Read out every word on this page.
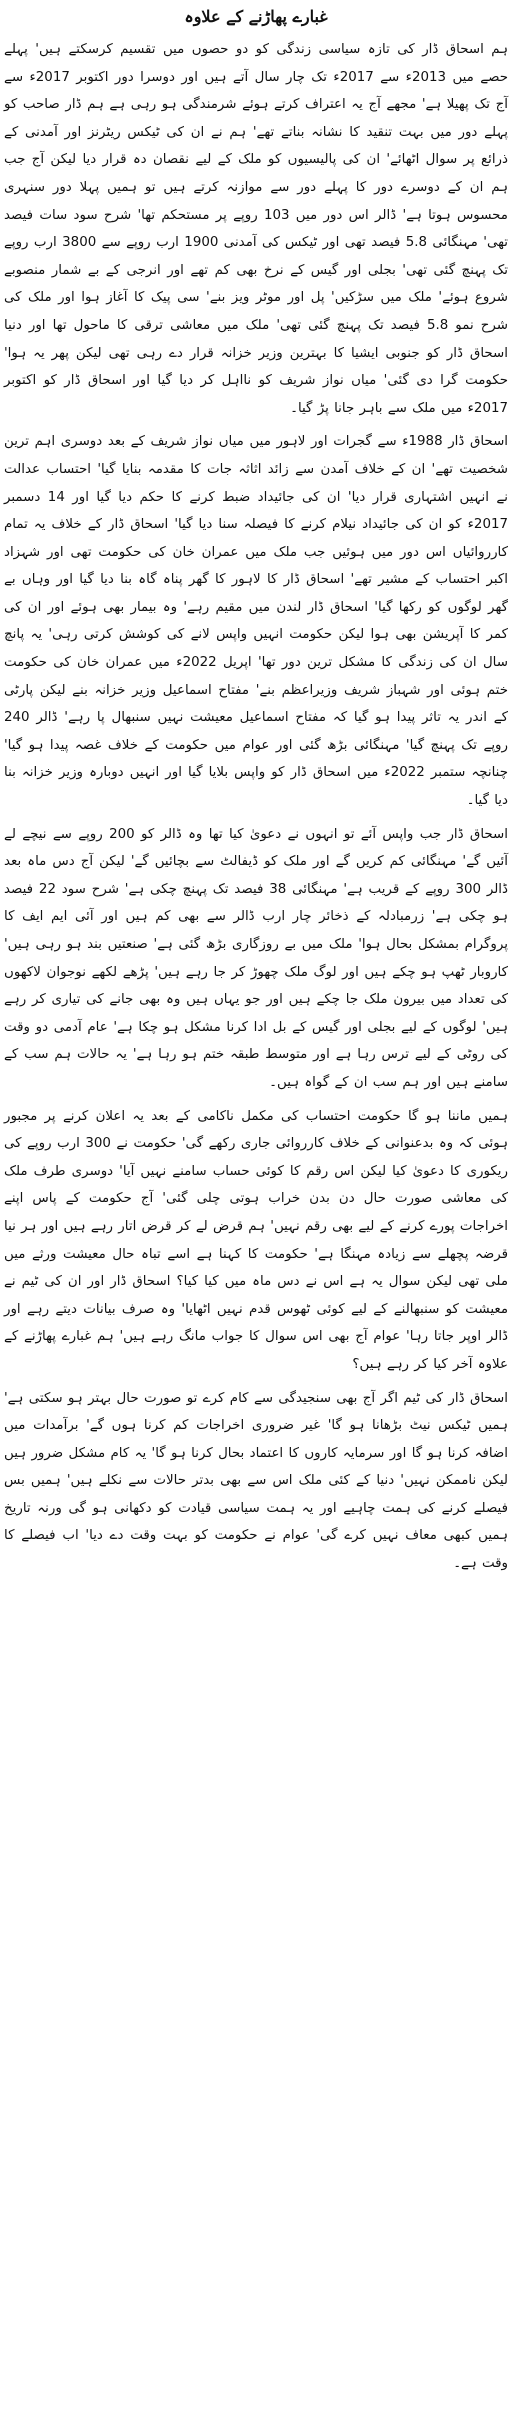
غبارے پھاڑنے کے علاوہ

ہم اسحاق ڈار کی تازہ سیاسی زندگی کو دو حصوں میں تقسیم کرسکتے ہیں' پہلے حصے میں 2013ء سے 2017ء تک چار سال آتے ہیں اور دوسرا دور اکتوبر 2017ء سے آج تک پھیلا ہے' مجھے آج یہ اعتراف کرتے ہوئے شرمندگی ہو رہی ہے ہم ڈار صاحب کو پہلے دور میں بہت تنقید کا نشانہ بناتے تھے' ہم نے ان کی ٹیکس ریٹرنز اور آمدنی کے ذرائع پر سوال اٹھائے' ان کی پالیسیوں کو ملک کے لیے نقصان دہ قرار دیا لیکن آج جب ہم ان کے دوسرے دور کا پہلے دور سے موازنہ کرتے ہیں تو ہمیں پہلا دور سنہری محسوس ہوتا ہے' ڈالر اس دور میں 103 روپے پر مستحکم تھا' شرح سود سات فیصد تھی' مہنگائی 5.8 فیصد تھی اور ٹیکس کی آمدنی 1900 ارب روپے سے 3800 ارب روپے تک پہنچ گئی تھی' بجلی اور گیس کے نرخ بھی کم تھے اور انرجی کے بے شمار منصوبے شروع ہوئے' ملک میں سڑکیں' پل اور موٹر ویز بنے' سی پیک کا آغاز ہوا اور ملک کی شرح نمو 5.8 فیصد تک پہنچ گئی تھی' ملک میں معاشی ترقی کا ماحول تھا اور دنیا اسحاق ڈار کو جنوبی ایشیا کا بہترین وزیر خزانہ قرار دے رہی تھی لیکن پھر یہ ہوا' حکومت گرا دی گئی' میاں نواز شریف کو نااہل کر دیا گیا اور اسحاق ڈار کو اکتوبر 2017ء میں ملک سے باہر جانا پڑ گیا۔

اسحاق ڈار 1988ء سے گجرات اور لاہور میں میاں نواز شریف کے بعد دوسری اہم ترین شخصیت تھے' ان کے خلاف آمدن سے زائد اثاثہ جات کا مقدمہ بنایا گیا' احتساب عدالت نے انہیں اشتہاری قرار دیا' ان کی جائیداد ضبط کرنے کا حکم دیا گیا اور 14 دسمبر 2017ء کو ان کی جائیداد نیلام کرنے کا فیصلہ سنا دیا گیا' اسحاق ڈار کے خلاف یہ تمام کارروائیاں اس دور میں ہوئیں جب ملک میں عمران خان کی حکومت تھی اور شہزاد اکبر احتساب کے مشیر تھے' اسحاق ڈار کا لاہور کا گھر پناہ گاہ بنا دیا گیا اور وہاں بے گھر لوگوں کو رکھا گیا' اسحاق ڈار لندن میں مقیم رہے' وہ بیمار بھی ہوئے اور ان کی کمر کا آپریشن بھی ہوا لیکن حکومت انہیں واپس لانے کی کوشش کرتی رہی' یہ پانچ سال ان کی زندگی کا مشکل ترین دور تھا' اپریل 2022ء میں عمران خان کی حکومت ختم ہوئی اور شہباز شریف وزیراعظم بنے' مفتاح اسماعیل وزیر خزانہ بنے لیکن پارٹی کے اندر یہ تاثر پیدا ہو گیا کہ مفتاح اسماعیل معیشت نہیں سنبھال پا رہے' ڈالر 240 روپے تک پہنچ گیا' مہنگائی بڑھ گئی اور عوام میں حکومت کے خلاف غصہ پیدا ہو گیا' چنانچہ ستمبر 2022ء میں اسحاق ڈار کو واپس بلایا گیا اور انہیں دوبارہ وزیر خزانہ بنا دیا گیا۔

اسحاق ڈار جب واپس آئے تو انہوں نے دعویٰ کیا تھا وہ ڈالر کو 200 روپے سے نیچے لے آئیں گے' مہنگائی کم کریں گے اور ملک کو ڈیفالٹ سے بچائیں گے' لیکن آج دس ماہ بعد ڈالر 300 روپے کے قریب ہے' مہنگائی 38 فیصد تک پہنچ چکی ہے' شرح سود 22 فیصد ہو چکی ہے' زرمبادلہ کے ذخائر چار ارب ڈالر سے بھی کم ہیں اور آئی ایم ایف کا پروگرام بمشکل بحال ہوا' ملک میں بے روزگاری بڑھ گئی ہے' صنعتیں بند ہو رہی ہیں' کاروبار ٹھپ ہو چکے ہیں اور لوگ ملک چھوڑ کر جا رہے ہیں' پڑھے لکھے نوجوان لاکھوں کی تعداد میں بیرون ملک جا چکے ہیں اور جو یہاں ہیں وہ بھی جانے کی تیاری کر رہے ہیں' لوگوں کے لیے بجلی اور گیس کے بل ادا کرنا مشکل ہو چکا ہے' عام آدمی دو وقت کی روٹی کے لیے ترس رہا ہے اور متوسط طبقہ ختم ہو رہا ہے' یہ حالات ہم سب کے سامنے ہیں اور ہم سب ان کے گواہ ہیں۔

ہمیں ماننا ہو گا حکومت احتساب کی مکمل ناکامی کے بعد یہ اعلان کرنے پر مجبور ہوئی کہ وہ بدعنوانی کے خلاف کارروائی جاری رکھے گی' حکومت نے 300 ارب روپے کی ریکوری کا دعویٰ کیا لیکن اس رقم کا کوئی حساب سامنے نہیں آیا' دوسری طرف ملک کی معاشی صورت حال دن بدن خراب ہوتی چلی گئی' آج حکومت کے پاس اپنے اخراجات پورے کرنے کے لیے بھی رقم نہیں' ہم قرض لے کر قرض اتار رہے ہیں اور ہر نیا قرضہ پچھلے سے زیادہ مہنگا ہے' حکومت کا کہنا ہے اسے تباہ حال معیشت ورثے میں ملی تھی لیکن سوال یہ ہے اس نے دس ماہ میں کیا کیا؟ اسحاق ڈار اور ان کی ٹیم نے معیشت کو سنبھالنے کے لیے کوئی ٹھوس قدم نہیں اٹھایا' وہ صرف بیانات دیتے رہے اور ڈالر اوپر جاتا رہا' عوام آج بھی اس سوال کا جواب مانگ رہے ہیں' ہم غبارے پھاڑنے کے علاوہ آخر کیا کر رہے ہیں؟

اسحاق ڈار کی ٹیم اگر آج بھی سنجیدگی سے کام کرے تو صورت حال بہتر ہو سکتی ہے' ہمیں ٹیکس نیٹ بڑھانا ہو گا' غیر ضروری اخراجات کم کرنا ہوں گے' برآمدات میں اضافہ کرنا ہو گا اور سرمایہ کاروں کا اعتماد بحال کرنا ہو گا' یہ کام مشکل ضرور ہیں لیکن ناممکن نہیں' دنیا کے کئی ملک اس سے بھی بدتر حالات سے نکلے ہیں' ہمیں بس فیصلے کرنے کی ہمت چاہیے اور یہ ہمت سیاسی قیادت کو دکھانی ہو گی ورنہ تاریخ ہمیں کبھی معاف نہیں کرے گی' عوام نے حکومت کو بہت وقت دے دیا' اب فیصلے کا وقت ہے۔
